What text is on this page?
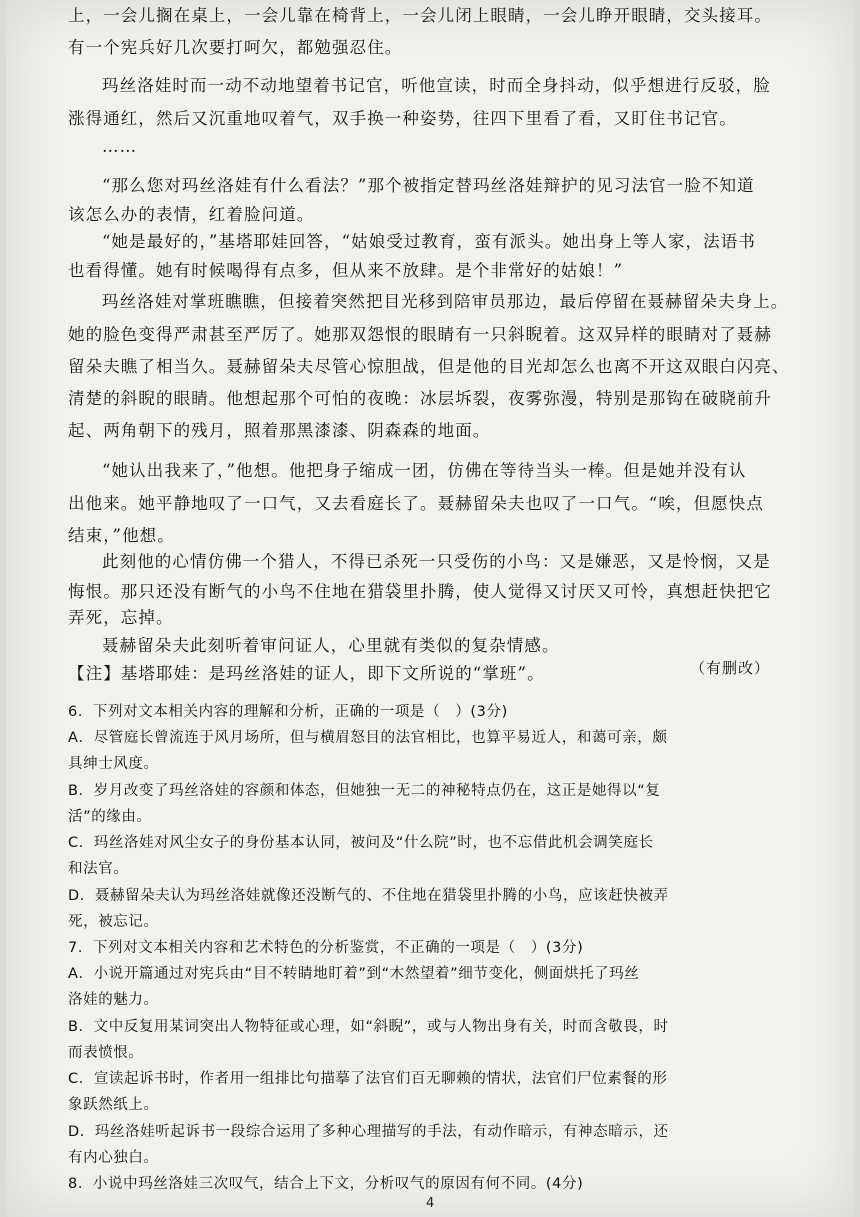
上，一会儿搁在桌上，一会儿靠在椅背上，一会儿闭上眼睛，一会儿睁开眼睛，交头接耳。
有一个宪兵好几次要打呵欠，都勉强忍住。
玛丝洛娃时而一动不动地望着书记官，听他宣读，时而全身抖动，似乎想进行反驳，脸
涨得通红，然后又沉重地叹着气，双手换一种姿势，往四下里看了看，又盯住书记官。
……
“那么您对玛丝洛娃有什么看法？”那个被指定替玛丝洛娃辩护的见习法官一脸不知道
该怎么办的表情，红着脸问道。
“她是最好的，”基塔耶娃回答，“姑娘受过教育，蛮有派头。她出身上等人家，法语书
也看得懂。她有时候喝得有点多，但从来不放肆。是个非常好的姑娘！”
玛丝洛娃对掌班瞧瞧，但接着突然把目光移到陪审员那边，最后停留在聂赫留朵夫身上。
她的脸色变得严肃甚至严厉了。她那双怨恨的眼睛有一只斜睨着。这双异样的眼睛对了聂赫
留朵夫瞧了相当久。聂赫留朵夫尽管心惊胆战，但是他的目光却怎么也离不开这双眼白闪亮、
清楚的斜睨的眼睛。他想起那个可怕的夜晚：冰层坼裂，夜雾弥漫，特别是那钩在破晓前升
起、两角朝下的残月，照着那黑漆漆、阴森森的地面。
“她认出我来了，”他想。他把身子缩成一团，仿佛在等待当头一棒。但是她并没有认
出他来。她平静地叹了一口气，又去看庭长了。聂赫留朵夫也叹了一口气。“唉，但愿快点
结束，”他想。
此刻他的心情仿佛一个猎人，不得已杀死一只受伤的小鸟：又是嫌恶，又是怜悯，又是
悔恨。那只还没有断气的小鸟不住地在猎袋里扑腾，使人觉得又讨厌又可怜，真想赶快把它
弄死，忘掉。
聂赫留朵夫此刻听着审问证人，心里就有类似的复杂情感。
（有删改）
【注】基塔耶娃：是玛丝洛娃的证人，即下文所说的“掌班”。
6．下列对文本相关内容的理解和分析，正确的一项是（　）(3分)
A．尽管庭长曾流连于风月场所，但与横眉怒目的法官相比，也算平易近人，和蔼可亲，颇
具绅士风度。
B．岁月改变了玛丝洛娃的容颜和体态，但她独一无二的神秘特点仍在，这正是她得以“复
活”的缘由。
C．玛丝洛娃对风尘女子的身份基本认同，被问及“什么院”时，也不忘借此机会调笑庭长
和法官。
D．聂赫留朵夫认为玛丝洛娃就像还没断气的、不住地在猎袋里扑腾的小鸟，应该赶快被弄
死，被忘记。
7．下列对文本相关内容和艺术特色的分析鉴赏，不正确的一项是（　）(3分)
A．小说开篇通过对宪兵由“目不转睛地盯着”到“木然望着”细节变化，侧面烘托了玛丝
洛娃的魅力。
B．文中反复用某词突出人物特征或心理，如“斜睨”，或与人物出身有关，时而含敬畏，时
而表愤恨。
C．宣读起诉书时，作者用一组排比句描摹了法官们百无聊赖的情状，法官们尸位素餐的形
象跃然纸上。
D．玛丝洛娃听起诉书一段综合运用了多种心理描写的手法，有动作暗示，有神态暗示，还
4
有内心独白。
8．小说中玛丝洛娃三次叹气，结合上下文，分析叹气的原因有何不同。(4分)
